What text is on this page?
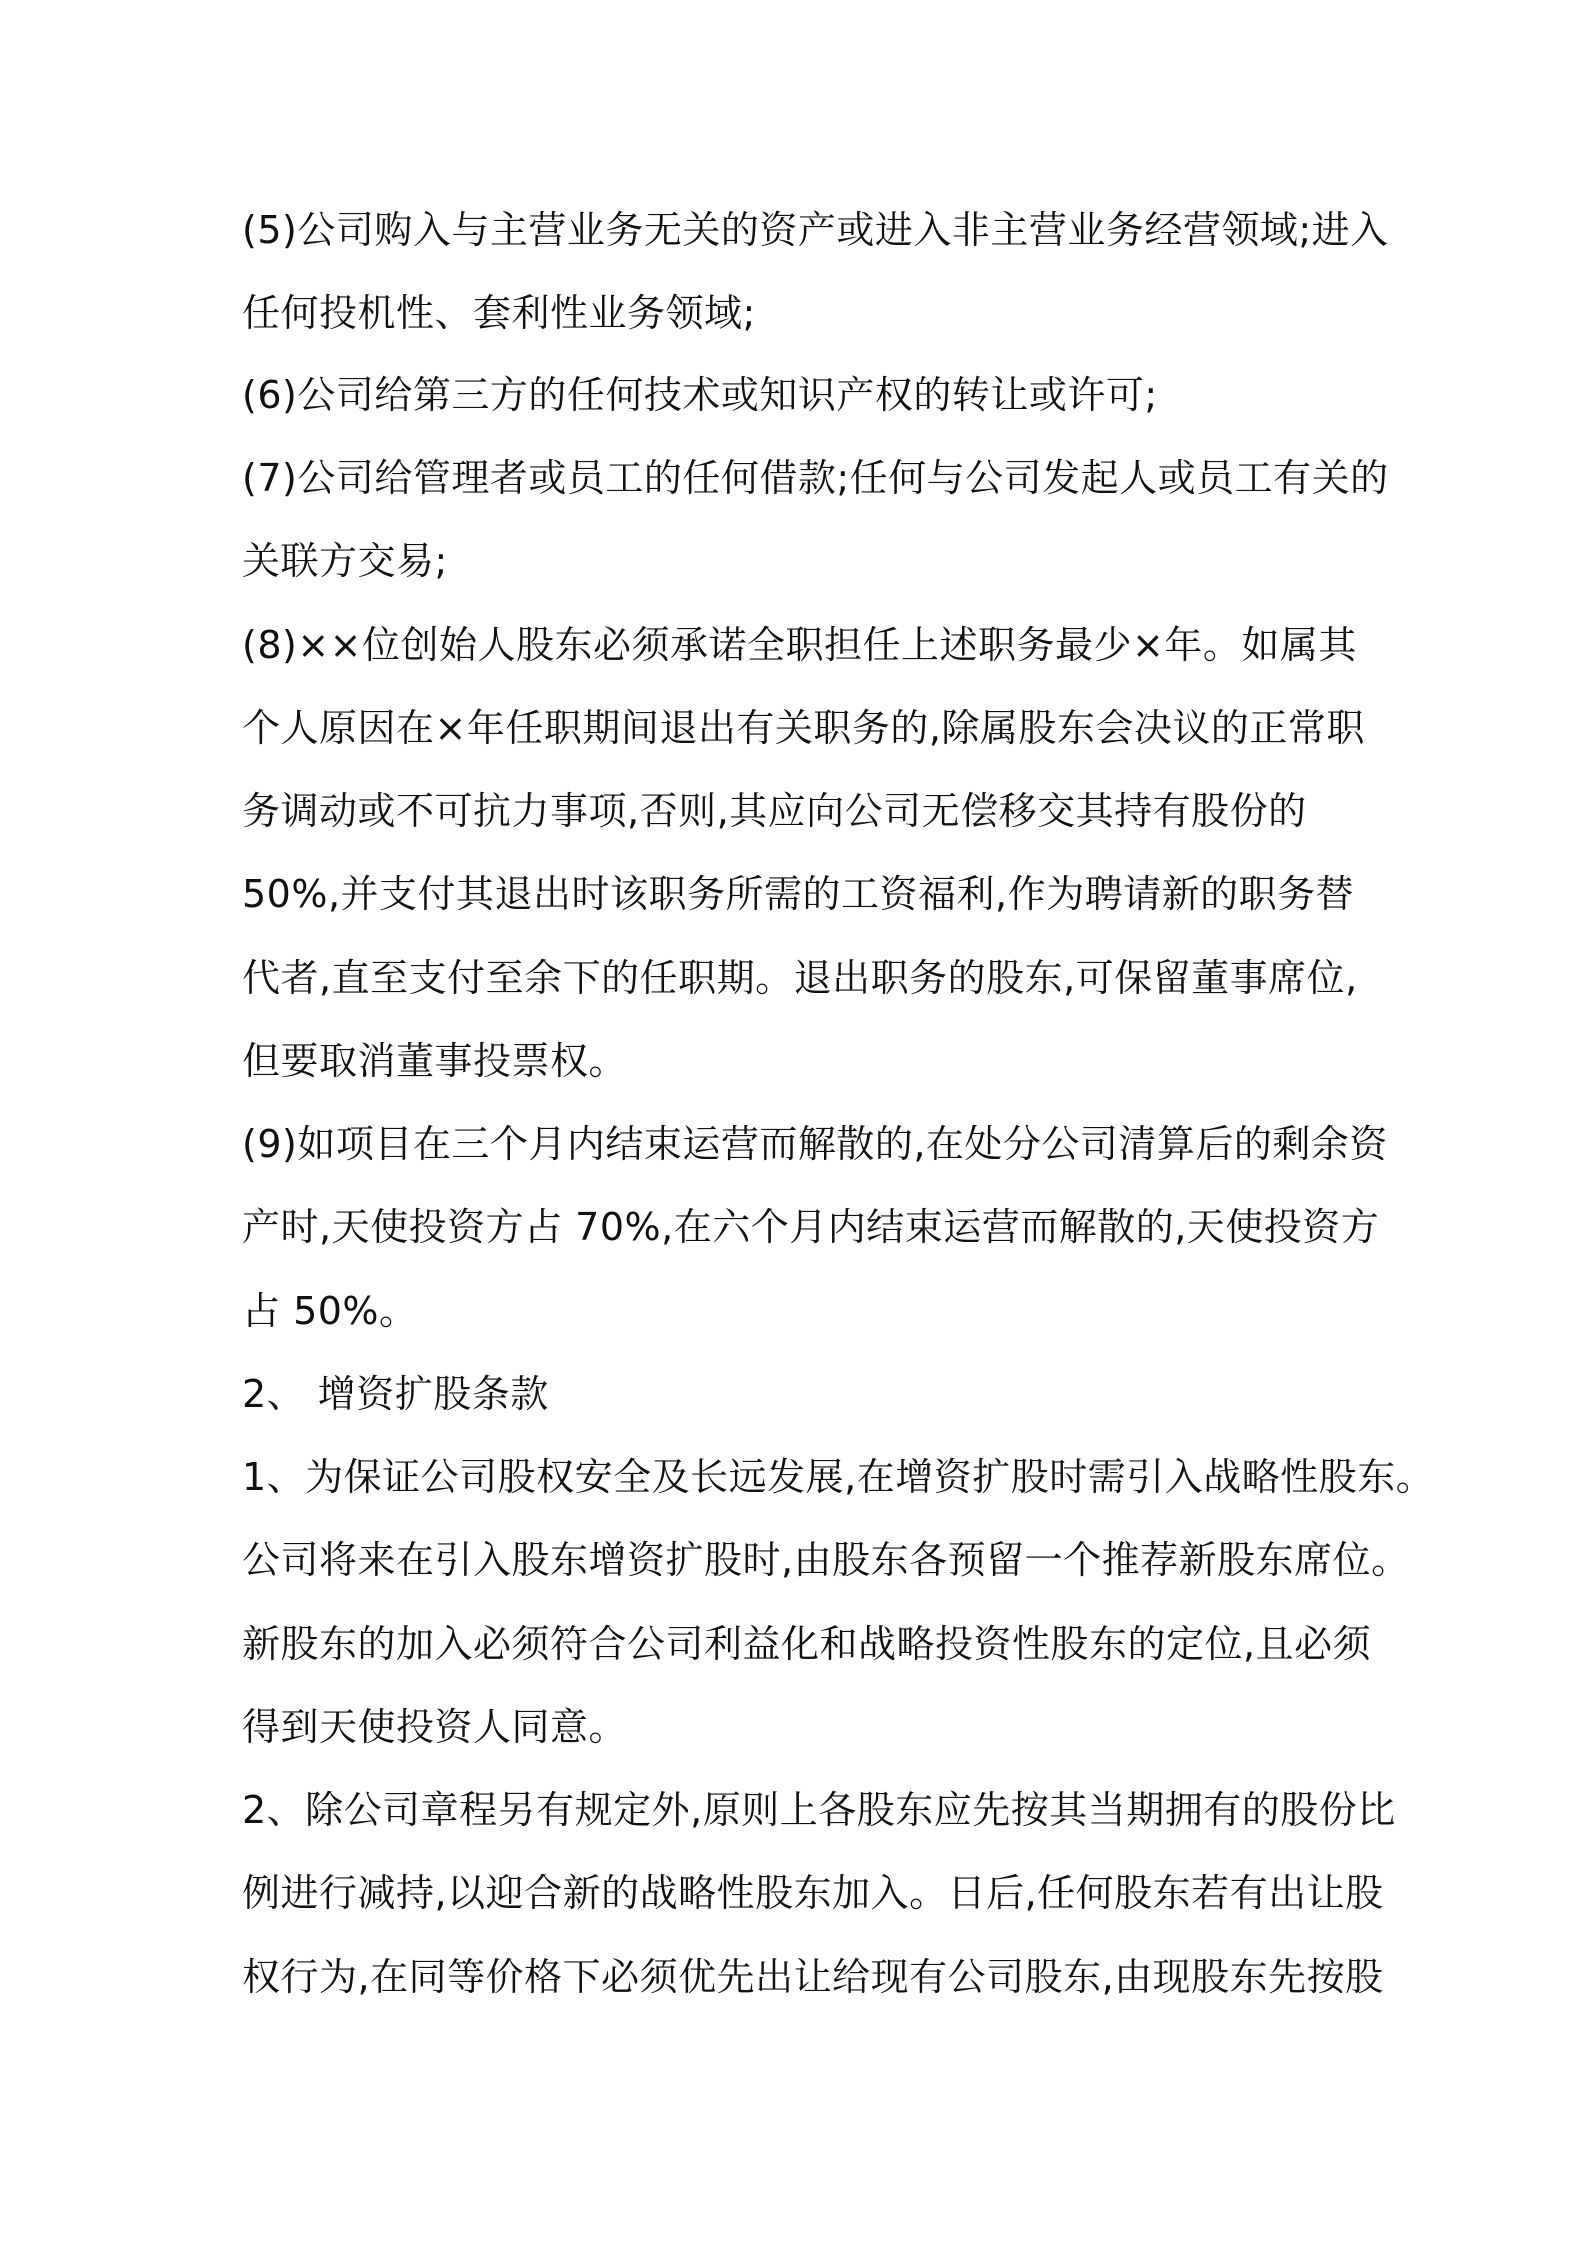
(5)公司购入与主营业务无关的资产或进入非主营业务经营领域;进入
任何投机性、套利性业务领域;
(6)公司给第三方的任何技术或知识产权的转让或许可;
(7)公司给管理者或员工的任何借款;任何与公司发起人或员工有关的
关联方交易;
(8)××位创始人股东必须承诺全职担任上述职务最少×年。如属其
个人原因在×年任职期间退出有关职务的,除属股东会决议的正常职
务调动或不可抗力事项,否则,其应向公司无偿移交其持有股份的
50%,并支付其退出时该职务所需的工资福利,作为聘请新的职务替
代者,直至支付至余下的任职期。退出职务的股东,可保留董事席位,
但要取消董事投票权。
(9)如项目在三个月内结束运营而解散的,在处分公司清算后的剩余资
产时,天使投资方占 70%,在六个月内结束运营而解散的,天使投资方
占 50%。
2、 增资扩股条款
1、为保证公司股权安全及长远发展,在增资扩股时需引入战略性股东。
公司将来在引入股东增资扩股时,由股东各预留一个推荐新股东席位。
新股东的加入必须符合公司利益化和战略投资性股东的定位,且必须
得到天使投资人同意。
2、除公司章程另有规定外,原则上各股东应先按其当期拥有的股份比
例进行减持,以迎合新的战略性股东加入。日后,任何股东若有出让股
权行为,在同等价格下必须优先出让给现有公司股东,由现股东先按股
